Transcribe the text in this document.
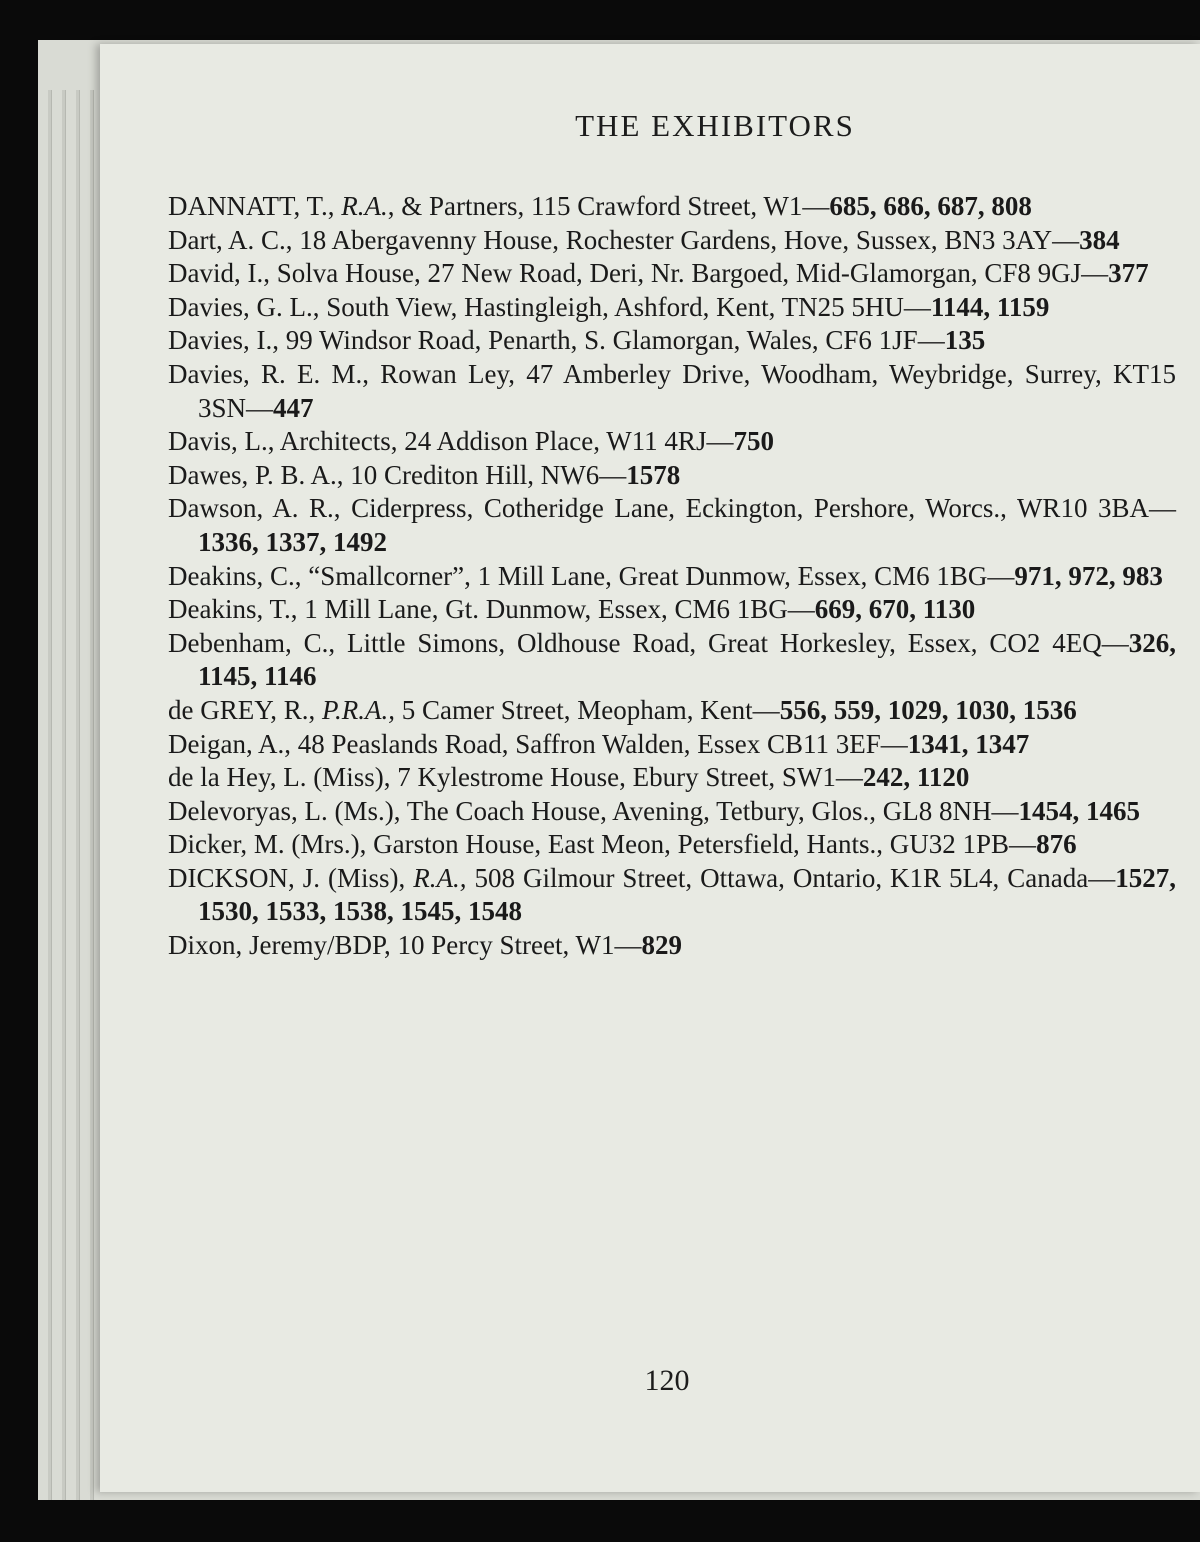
THE EXHIBITORS
DANNATT, T., R.A., & Partners, 115 Crawford Street, W1—685, 686, 687, 808
Dart, A. C., 18 Abergavenny House, Rochester Gardens, Hove, Sussex, BN3 3AY—384
David, I., Solva House, 27 New Road, Deri, Nr. Bargoed, Mid-Glamorgan, CF8 9GJ—377
Davies, G. L., South View, Hastingleigh, Ashford, Kent, TN25 5HU—1144, 1159
Davies, I., 99 Windsor Road, Penarth, S. Glamorgan, Wales, CF6 1JF—135
Davies, R. E. M., Rowan Ley, 47 Amberley Drive, Woodham, Weybridge, Surrey, KT15 3SN—447
Davis, L., Architects, 24 Addison Place, W11 4RJ—750
Dawes, P. B. A., 10 Crediton Hill, NW6—1578
Dawson, A. R., Ciderpress, Cotheridge Lane, Eckington, Pershore, Worcs., WR10 3BA—1336, 1337, 1492
Deakins, C., “Smallcorner”, 1 Mill Lane, Great Dunmow, Essex, CM6 1BG—971, 972, 983
Deakins, T., 1 Mill Lane, Gt. Dunmow, Essex, CM6 1BG—669, 670, 1130
Debenham, C., Little Simons, Oldhouse Road, Great Horkesley, Essex, CO2 4EQ—326, 1145, 1146
de GREY, R., P.R.A., 5 Camer Street, Meopham, Kent—556, 559, 1029, 1030, 1536
Deigan, A., 48 Peaslands Road, Saffron Walden, Essex CB11 3EF—1341, 1347
de la Hey, L. (Miss), 7 Kylestrome House, Ebury Street, SW1—242, 1120
Delevoryas, L. (Ms.), The Coach House, Avening, Tetbury, Glos., GL8 8NH—1454, 1465
Dicker, M. (Mrs.), Garston House, East Meon, Petersfield, Hants., GU32 1PB—876
DICKSON, J. (Miss), R.A., 508 Gilmour Street, Ottawa, Ontario, K1R 5L4, Canada—1527, 1530, 1533, 1538, 1545, 1548
Dixon, Jeremy/BDP, 10 Percy Street, W1—829
120
